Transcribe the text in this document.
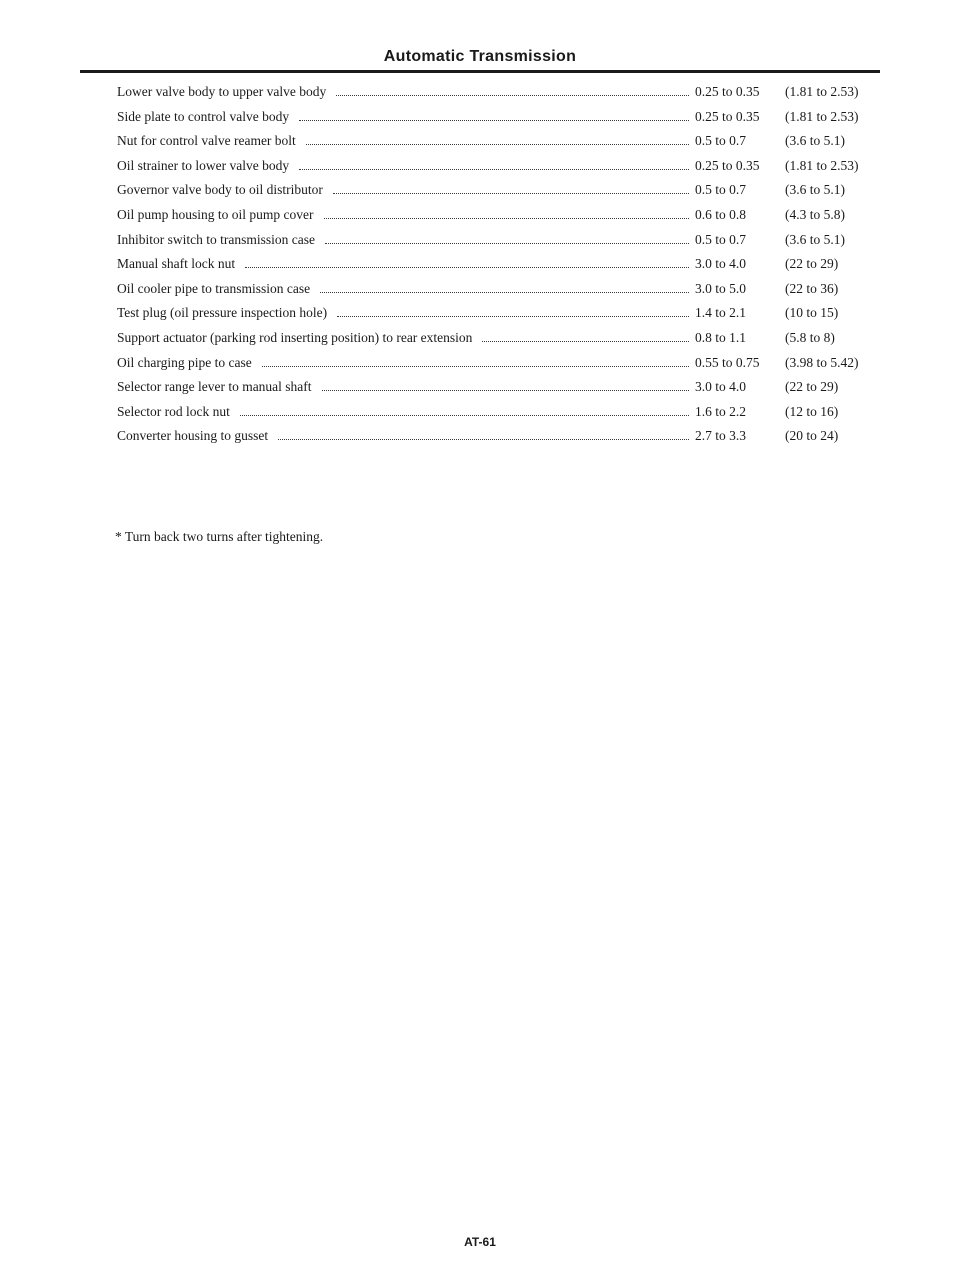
Automatic Transmission
Lower valve body to upper valve body	0.25 to 0.35	(1.81 to 2.53)
Side plate to control valve body	0.25 to 0.35	(1.81 to 2.53)
Nut for control valve reamer bolt	0.5 to 0.7	(3.6 to 5.1)
Oil strainer to lower valve body	0.25 to 0.35	(1.81 to 2.53)
Governor valve body to oil distributor	0.5 to 0.7	(3.6 to 5.1)
Oil pump housing to oil pump cover	0.6 to 0.8	(4.3 to 5.8)
Inhibitor switch to transmission case	0.5 to 0.7	(3.6 to 5.1)
Manual shaft lock nut	3.0 to 4.0	(22 to 29)
Oil cooler pipe to transmission case	3.0 to 5.0	(22 to 36)
Test plug (oil pressure inspection hole)	1.4 to 2.1	(10 to 15)
Support actuator (parking rod inserting position) to rear extension	0.8 to 1.1	(5.8 to 8)
Oil charging pipe to case	0.55 to 0.75	(3.98 to 5.42)
Selector range lever to manual shaft	3.0 to 4.0	(22 to 29)
Selector rod lock nut	1.6 to 2.2	(12 to 16)
Converter housing to gusset	2.7 to 3.3	(20 to 24)
* Turn back two turns after tightening.
AT-61
